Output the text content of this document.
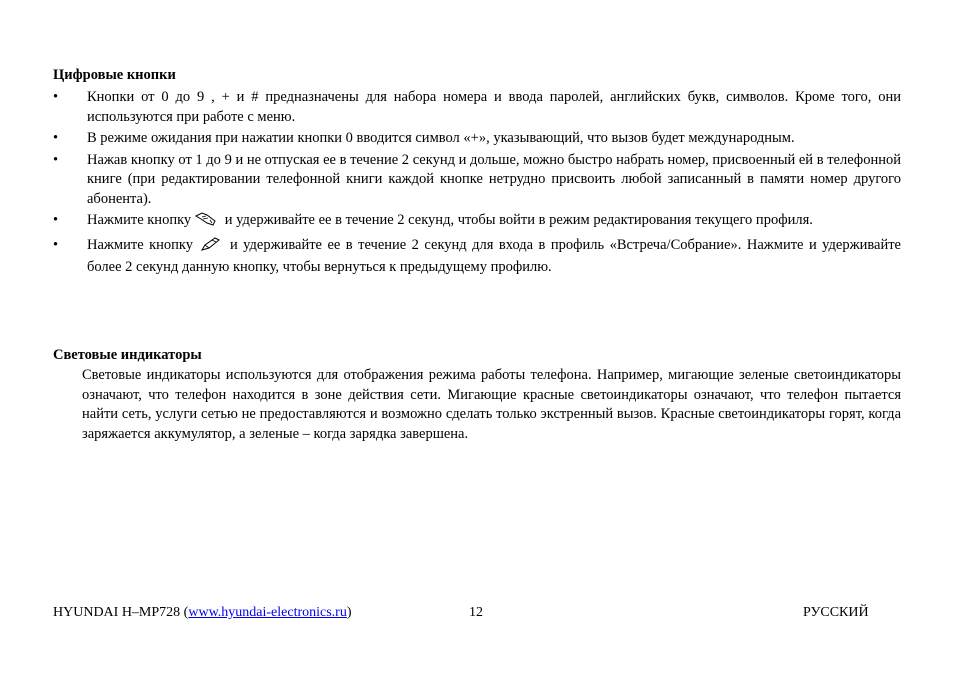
Цифровые кнопки
•	Кнопки от 0 до 9 , + и # предназначены для набора номера и ввода паролей, английских букв, символов. Кроме того, они используются при работе с меню.
•	В режиме ожидания при нажатии кнопки 0 вводится символ «+», указывающий, что вызов будет международным.
•	Нажав кнопку от 1 до 9 и не отпуская ее в течение 2 секунд и дольше, можно быстро набрать номер, присвоенный ей в телефонной книге (при редактировании телефонной книги каждой кнопке нетрудно присвоить любой записанный в памяти номер другого абонента).
•	Нажмите кнопку и удерживайте ее в течение 2 секунд, чтобы войти в режим редактирования текущего профиля.
•	Нажмите кнопку  и удерживайте ее в течение 2 секунд для входа в профиль «Встреча/Собрание». Нажмите и удерживайте более 2 секунд данную кнопку, чтобы вернуться к предыдущему профилю.
Световые индикаторы

Световые индикаторы используются для отображения режима работы телефона. Например, мигающие зеленые светоиндикаторы означают, что телефон находится в зоне действия сети. Мигающие красные светоиндикаторы означают, что телефон пытается найти сеть, услуги сетью не предоставляются и возможно сделать только экстренный вызов. Красные светоиндикаторы горят, когда заряжается аккумулятор, а зеленые – когда зарядка завершена.

HYUNDAI H–MP728 (www.hyundai-electronics.ru)	12	РУССКИЙ
